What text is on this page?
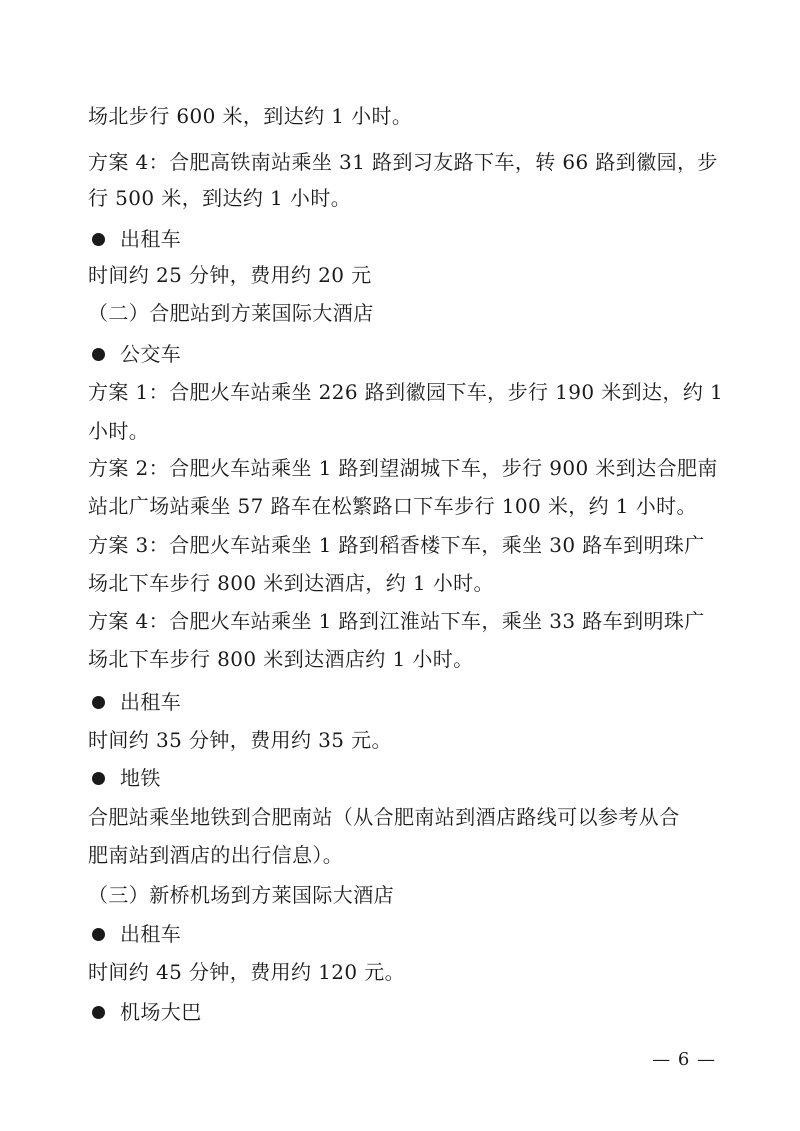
场北步行 600 米，到达约 1 小时。
方案 4：合肥高铁南站乘坐 31 路到习友路下车，转 66 路到徽园，步
行 500 米，到达约 1 小时。
出租车
时间约 25 分钟，费用约 20 元
（二）合肥站到方莱国际大酒店
公交车
方案 1：合肥火车站乘坐 226 路到徽园下车，步行 190 米到达，约 1
小时。
方案 2：合肥火车站乘坐 1 路到望湖城下车，步行 900 米到达合肥南
站北广场站乘坐 57 路车在松繁路口下车步行 100 米，约 1 小时。
方案 3：合肥火车站乘坐 1 路到稻香楼下车，乘坐 30 路车到明珠广
场北下车步行 800 米到达酒店，约 1 小时。
方案 4：合肥火车站乘坐 1 路到江淮站下车，乘坐 33 路车到明珠广
场北下车步行 800 米到达酒店约 1 小时。
出租车
时间约 35 分钟，费用约 35 元。
地铁
合肥站乘坐地铁到合肥南站（从合肥南站到酒店路线可以参考从合
肥南站到酒店的出行信息）。
（三）新桥机场到方莱国际大酒店
出租车
时间约 45 分钟，费用约 120 元。
机场大巴
— 6 —
